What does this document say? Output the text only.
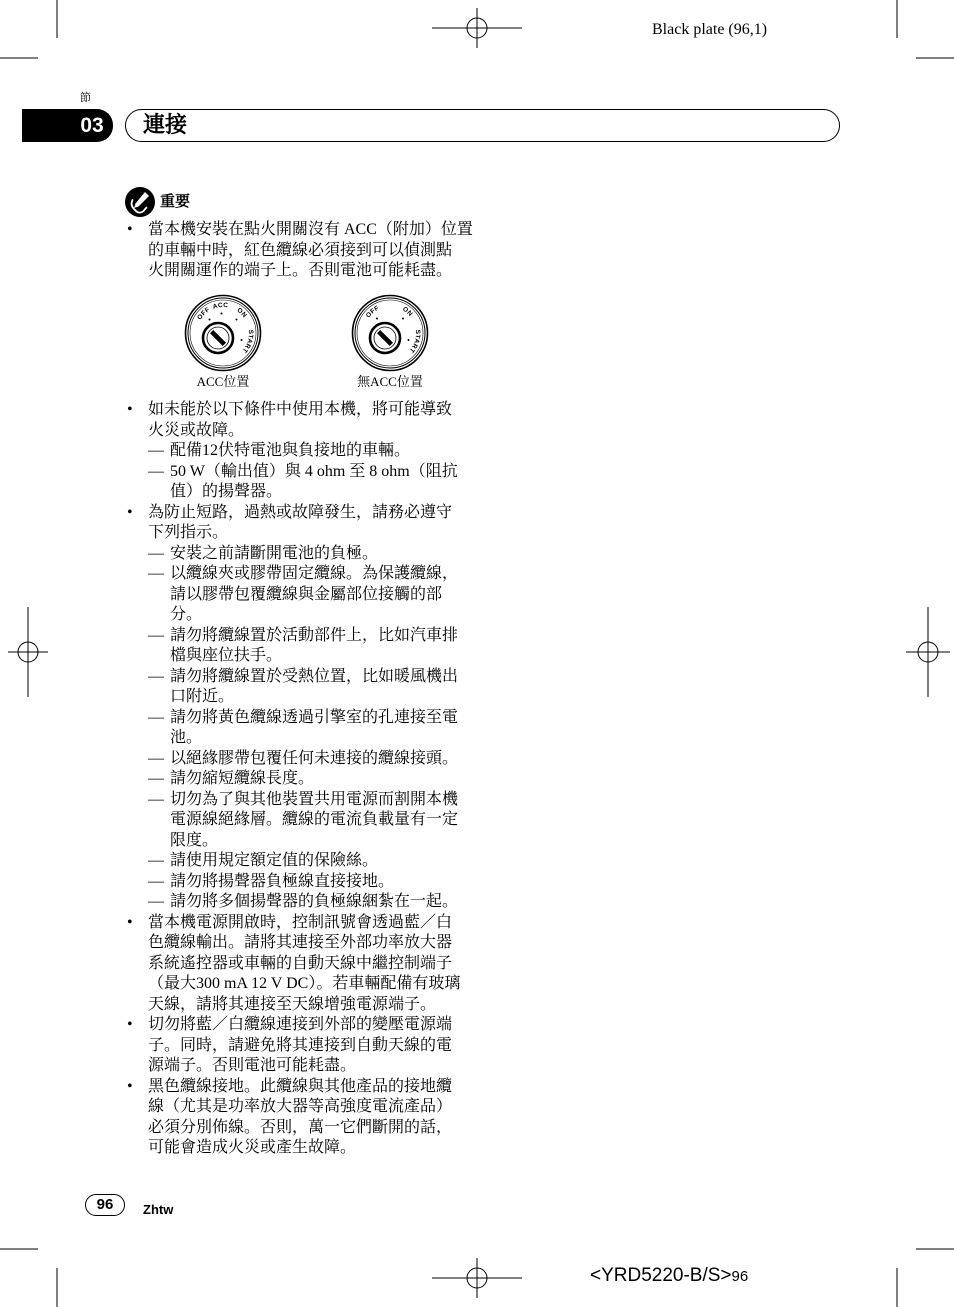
Black plate (96,1)
節
03	連接
重要
• 當本機安裝在點火開關沒有 ACC（附加）位置
的車輛中時，紅色纜線必須接到可以偵測點
火開關運作的端子上。否則電池可能耗盡。
OFF ACC
ON
START
OFF	ON
START
ACC位置	無ACC位置
• 如未能於以下條件中使用本機，將可能導致
火災或故障。
— 配備12伏特電池與負接地的車輛。
— 50 W（輸出值）與 4 ohm 至 8 ohm（阻抗
值）的揚聲器。
• 為防止短路，過熱或故障發生，請務必遵守
下列指示。
— 安裝之前請斷開電池的負極。
— 以纜線夾或膠帶固定纜線。為保護纜線，
請以膠帶包覆纜線與金屬部位接觸的部
分。
— 請勿將纜線置於活動部件上，比如汽車排
檔與座位扶手。
— 請勿將纜線置於受熱位置，比如暖風機出
口附近。
— 請勿將黃色纜線透過引擎室的孔連接至電
池。
— 以絕緣膠帶包覆任何未連接的纜線接頭。
— 請勿縮短纜線長度。
— 切勿為了與其他裝置共用電源而割開本機
電源線絕緣層。纜線的電流負載量有一定
限度。
— 請使用規定額定值的保險絲。
— 請勿將揚聲器負極線直接接地。
— 請勿將多個揚聲器的負極線綑紮在一起。
• 當本機電源開啟時，控制訊號會透過藍／白
色纜線輸出。請將其連接至外部功率放大器
系統遙控器或車輛的自動天線中繼控制端子
（最大300 mA 12 V DC）。若車輛配備有玻璃
天線，請將其連接至天線增強電源端子。
• 切勿將藍／白纜線連接到外部的變壓電源端
子。同時，請避免將其連接到自動天線的電
源端子。否則電池可能耗盡。
• 黑色纜線接地。此纜線與其他產品的接地纜
線（尤其是功率放大器等高強度電流產品）
必須分別佈線。否則，萬一它們斷開的話，
可能會造成火災或產生故障。
96	Zhtw
<YRD5220-B/S>96
